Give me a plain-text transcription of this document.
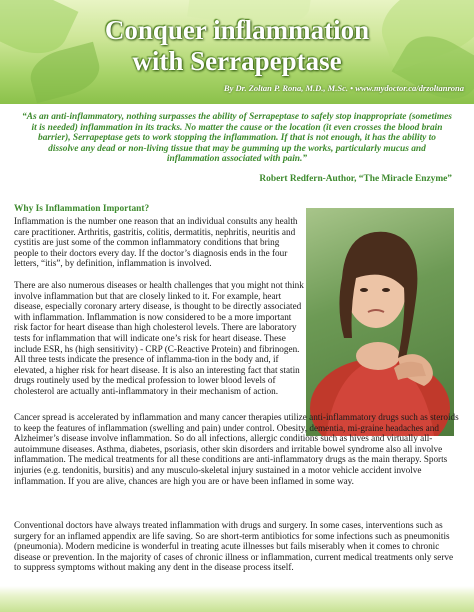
Conquer inflammation
with Serrapeptase
By Dr. Zoltan P. Rona, M.D., M.Sc. • www.mydoctor.ca/drzoltanrona
“As an anti-inflammatory, nothing surpasses the ability of Serrapeptase to safely stop inappropriate (sometimes it is needed) inflammation in its tracks. No matter the cause or the location (it even crosses the blood brain barrier), Serrapeptase gets to work stopping the inflammation. If that is not enough, it has the ability to dissolve any dead or non-living tissue that may be gumming up the works, particularly mucus and inflammation associated with pain.”
Robert Redfern-Author, “The Miracle Enzyme”
Why Is Inflammation Important?

Inflammation is the number one reason that an individual consults any health care practitioner. Arthritis, gastritis, colitis, dermatitis, nephritis, neuritis and cystitis are just some of the common inflammatory conditions that bring people to their doctors every day. If the doctor’s diagnosis ends in the four letters, “itis”, by definition, inflammation is involved.

There are also numerous diseases or health challenges that you might not think involve inflammation but that are closely linked to it. For example, heart disease, especially coronary artery disease, is thought to be directly associated with inflammation. Inflammation is now considered to be a more important risk factor for heart disease than high cholesterol levels. There are laboratory tests for inflammation that will indicate one’s risk for heart disease. These include ESR, hs (high sensitivity) - CRP (C-Reactive Protein) and fibrinogen. All three tests indicate the presence of inflamma-tion in the body and, if elevated, a higher risk for heart disease. It is also an interesting fact that statin drugs routinely used by the medical profession to lower blood levels of cholesterol are actually anti-inflammatory in their mechanism of action.

Cancer spread is accelerated by inflammation and many cancer therapies utilize anti-inflammatory drugs such as steroids to keep the features of inflammation (swelling and pain) under control. Obesity, dementia, mi-graine headaches and Alzheimer’s disease involve inflammation. So do all infections, allergic conditions such as hives and virtually all-autoimmune diseases. Asthma, diabetes, psoriasis, other skin disorders and irritable bowel syndrome also all involve inflammation. The medical treatments for all these conditions are anti-inflammatory drugs as the main therapy. Sports injuries (e.g. tendonitis, bursitis) and any musculo-skeletal injury sustained in a motor vehicle accident involve inflammation. If you are alive, chances are high you are or have been inflamed in some way.

Conventional doctors have always treated inflammation with drugs and surgery. In some cases, interventions such as surgery for an inflamed appendix are life saving. So are short-term antibiotics for some infections such as pneumonitis (pneumonia). Modern medicine is wonderful in treating acute illnesses but fails miserably when it comes to chronic disease or prevention. In the majority of cases of chronic illness or inflammation, current medical treatments only serve to suppress symptoms without making any dent in the disease process itself.
